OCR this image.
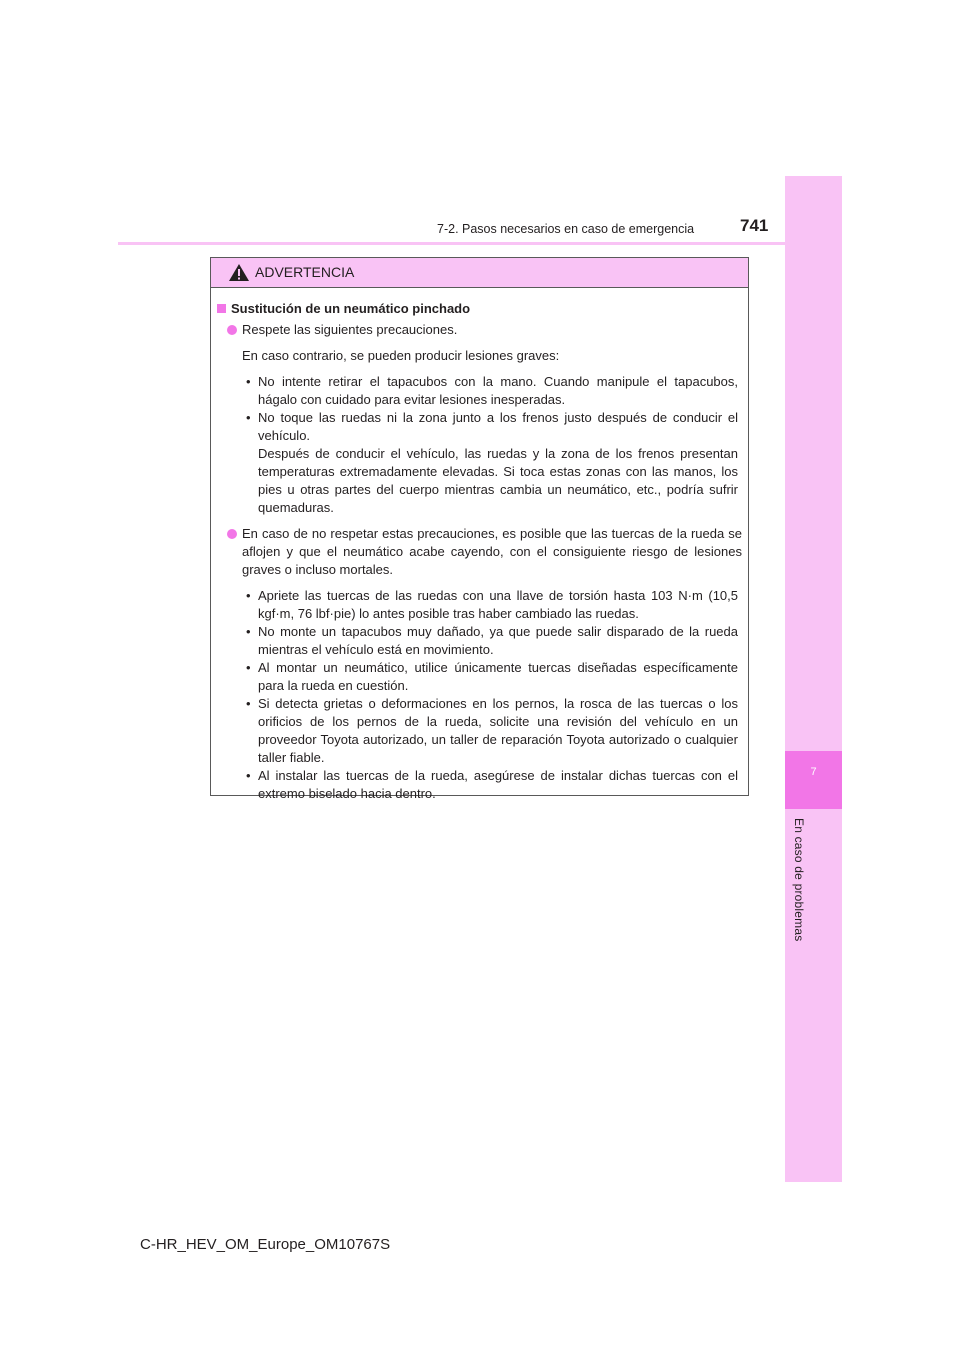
7
En caso de problemas
7-2. Pasos necesarios en caso de emergencia	741
ADVERTENCIA
Sustitución de un neumático pinchado
Respete las siguientes precauciones.
En caso contrario, se pueden producir lesiones graves:
• No intente retirar el tapacubos con la mano. Cuando manipule el tapacubos, hágalo con cuidado para evitar lesiones inesperadas.
• No toque las ruedas ni la zona junto a los frenos justo después de conducir el vehículo.
Después de conducir el vehículo, las ruedas y la zona de los frenos presentan temperaturas extremadamente elevadas. Si toca estas zonas con las manos, los pies u otras partes del cuerpo mientras cambia un neumático, etc., podría sufrir quemaduras.
En caso de no respetar estas precauciones, es posible que las tuercas de la rueda se aflojen y que el neumático acabe cayendo, con el consiguiente riesgo de lesiones graves o incluso mortales.
• Apriete las tuercas de las ruedas con una llave de torsión hasta 103 N·m (10,5 kgf·m, 76 lbf·pie) lo antes posible tras haber cambiado las ruedas.
• No monte un tapacubos muy dañado, ya que puede salir disparado de la rueda mientras el vehículo está en movimiento.
• Al montar un neumático, utilice únicamente tuercas diseñadas específicamente para la rueda en cuestión.
• Si detecta grietas o deformaciones en los pernos, la rosca de las tuercas o los orificios de los pernos de la rueda, solicite una revisión del vehículo en un proveedor Toyota autorizado, un taller de reparación Toyota autorizado o cualquier taller fiable.
• Al instalar las tuercas de la rueda, asegúrese de instalar dichas tuercas con el extremo biselado hacia dentro.
C-HR_HEV_OM_Europe_OM10767S
